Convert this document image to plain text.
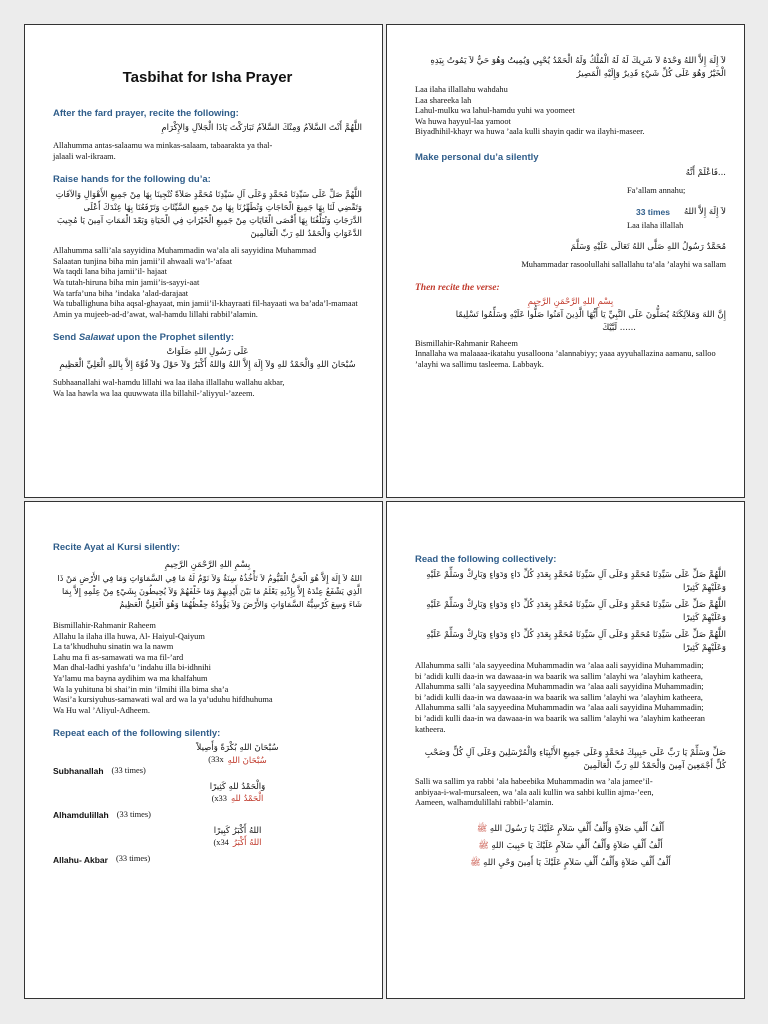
Tasbihat for Isha Prayer
After the fard prayer, recite the following:
اللَّهُمَّ أَنْتَ السَّلاَمُ وَمِنْكَ السَّلاَمُ تَبَارَكْتَ يَاذَا الْجَلاَلِ وَالإِكْرَامِ
Allahumma antas-salaamu wa minkas-salaam, tabaarakta ya thal-
jalaali wal-ikraam.
Raise hands for the following du’a:
اللَّهُمَّ صَلِّ عَلَى سَيِّدِنَا مُحَمَّدٍ وَعَلَى آلِ سَيِّدِنَا مُحَمَّدٍ صَلاَةً تُنْجِينَا بِهَا مِنْ جَمِيعِ الأَهْوَالِ وَالآفَاتِ وَتَقْضِي لَنَا بِهَا جَمِيعَ الْحَاجَاتِ وَتُطَهِّرُنَا بِهَا مِنْ جَمِيعِ السَّيِّئَاتِ وَتَرْفَعُنَا بِهَا عِنْدَكَ أَعْلَى الدَّرَجَاتِ وَتُبَلِّغُنَا بِهَا أَقْصَى الْغَايَاتِ مِنْ جَمِيعِ الْخَيْرَاتِ فِي الْحَيَاةِ وَبَعْدَ الْمَمَاتِ آمِينَ يَا مُجِيبَ الدَّعَوَاتِ وَالْحَمْدُ للهِ رَبِّ الْعَالَمِينَ
Allahumma salli’ala sayyidina Muhammadin wa’ala ali sayyidina Muhammad
Salaatan tunjina biha min jamii’il ahwaali wa’l-’afaat
Wa taqdi lana biha jamii’il- hajaat
Wa tutah-hiruna biha min jamii’is-sayyi-aat
Wa tarfa’una biha ’indaka ’alad-darajaat
Wa tuballighuna biha aqsal-ghayaat, min jamii’il-khayraati fil-hayaati wa ba’ada’l-mamaat
Amin ya mujeeb-ad-d’awat, wal-hamdu lillahi rabbil’alamin.
Send Salawat upon the Prophet silently:
عَلَى رَسُولِ اللهِ صَلَوَاتْ
سُبْحَانَ اللهِ وَالْحَمْدُ للهِ وَلاَ إِلَهَ إِلاَّ اللهُ وَاللهُ أَكْبَرُ وَلاَ حَوْلَ وَلاَ قُوَّةَ إِلاَّ بِاللهِ الْعَلِيِّ الْعَظِيمِ
Subhaanallahi wal-hamdu lillahi wa laa ilaha illallahu wallahu akbar,
Wa laa hawla wa laa quuwwata illa billahil-’aliyyul-’azeem.
لاَ إِلَهَ إِلاَّ اللهُ وَحْدَهُ لاَ شَرِيكَ لَهُ لَهُ الْمُلْكُ وَلَهُ الْحَمْدُ يُحْيِي وَيُمِيتُ وَهُوَ حَيٌّ لاَ يَمُوتُ بِيَدِهِ الْخَيْرُ وَهُوَ عَلَى كُلِّ شَيْءٍ قَدِيرٌ وَإِلَيْهِ الْمَصِيرُ
Laa ilaha illallahu wahdahu
Laa shareeka lah
Lahul-mulku wa lahul-hamdu yuhi wa yoomeet
Wa huwa hayyul-laa yamoot
Biyadhihil-khayr wa huwa ’aala kulli shayin qadir wa ilayhi-maseer.
Make personal du’a silently
...فَاعْلَمْ أَنَّهُ
Fa’allam annahu;
33 times لاَ إِلَهَ إِلاَّ اللهُ
Laa ilaha illallah
مُحَمَّدٌ رَسُولُ اللهِ صَلَّى اللهُ تَعَالَى عَلَيْهِ وَسَلَّمَ
Muhammadar rasoolullahi sallallahu ta’ala ’alayhi wa sallam
Then recite the verse:
بِسْمِ اللهِ الرَّحْمَنِ الرَّحِيمِ
إِنَّ اللهَ وَمَلاَئِكَتَهُ يُصَلُّونَ عَلَى النَّبِيِّ يَا أَيُّهَا الَّذِينَ آمَنُوا صَلُّوا عَلَيْهِ وَسَلِّمُوا تَسْلِيمًا
...... لَبَّيْكَ
Bismillahir-Rahmanir Raheem
Innallaha wa malaaaa-ikatahu yusalloona ’alannabiyy; yaaa ayyuhallazina aamanu, salloo ’alayhi wa sallimu tasleema. Labbayk.
Recite Ayat al Kursi silently:
بِسْمِ اللهِ الرَّحْمَنِ الرَّحِيمِ
اللهُ لاَ إِلَهَ إِلاَّ هُوَ الْحَيُّ الْقَيُّومُ لاَ تَأْخُذُهُ سِنَةٌ وَلاَ نَوْمٌ لَهُ مَا فِي السَّمَاوَاتِ وَمَا فِي الأَرْضِ مَنْ ذَا الَّذِي يَشْفَعُ عِنْدَهُ إِلاَّ بِإِذْنِهِ يَعْلَمُ مَا بَيْنَ أَيْدِيهِمْ وَمَا خَلْفَهُمْ وَلاَ يُحِيطُونَ بِشَيْءٍ مِنْ عِلْمِهِ إِلاَّ بِمَا شَاءَ وَسِعَ كُرْسِيُّهُ السَّمَاوَاتِ وَالأَرْضَ وَلاَ يَؤُودُهُ حِفْظُهُمَا وَهُوَ الْعَلِيُّ الْعَظِيمُ
Bismillahir-Rahmanir Raheem
Allahu la ilaha illa huwa, Al- Haiyul-Qaiyum
La ta’khudhuhu sinatin wa la nawm
Lahu ma fi as-samawati wa ma fil-’ard
Man dhal-ladhi yashfa’u ’indahu illa bi-idhnihi
Ya’lamu ma bayna aydihim wa ma khalfahum
Wa la yuhituna bi shai’in min ’ilmihi illa bima sha’a
Wasi’a kursiyuhus-samawati wal ard wa la ya’uduhu hifdhuhuma
Wa Hu wal ’Aliyul-Adheem.
Repeat each of the following silently:
سُبْحَانَ اللهِ بُكْرَةً وَأَصِيلاً
(33x سُبْحَانَ اللهِ
Subhanallah (33 times)
وَالْحَمْدُ للهِ كَثِيرًا
(x33 الْحَمْدُ للهِ
Alhamdulillah (33 times)
اللهُ أَكْبَرُ كَبِيرًا
(x34 اللهُ أَكْبَرُ
Allahu- Akbar (33 times)
Read the following collectively:
اللَّهُمَّ صَلِّ عَلَى سَيِّدِنَا مُحَمَّدٍ وَعَلَى آلِ سَيِّدِنَا مُحَمَّدٍ بِعَدَدِ كُلِّ دَاءٍ وَدَوَاءٍ وَبَارِكْ وَسَلِّمْ عَلَيْهِ وَعَلَيْهِمْ كَثِيرًا
اللَّهُمَّ صَلِّ عَلَى سَيِّدِنَا مُحَمَّدٍ وَعَلَى آلِ سَيِّدِنَا مُحَمَّدٍ بِعَدَدِ كُلِّ دَاءٍ وَدَوَاءٍ وَبَارِكْ وَسَلِّمْ عَلَيْهِ وَعَلَيْهِمْ كَثِيرًا
اللَّهُمَّ صَلِّ عَلَى سَيِّدِنَا مُحَمَّدٍ وَعَلَى آلِ سَيِّدِنَا مُحَمَّدٍ بِعَدَدِ كُلِّ دَاءٍ وَدَوَاءٍ وَبَارِكْ وَسَلِّمْ عَلَيْهِ وَعَلَيْهِمْ كَثِيرًا
Allahumma salli ’ala sayyeedina Muhammadin wa ’alaa aali sayyidina Muhammadin;
bi ’adidi kulli daa-in wa dawaaa-in wa baarik wa sallim ’alayhi wa ’alayhim katheera,
Allahumma salli ’ala sayyeedina Muhammadin wa ’alaa aali sayyidina Muhammadin;
bi ’adidi kulli daa-in wa dawaaa-in wa baarik wa sallim ’alayhi wa ’alayhim katheera,
Allahumma salli ’ala sayyeedina Muhammadin wa ’alaa aali sayyidina Muhammadin;
bi ’adidi kulli daa-in wa dawaaa-in wa baarik wa sallim ’alayhi wa ’alayhim katheeran katheera.
صَلِّ وَسَلِّمْ يَا رَبِّ عَلَى حَبِيبِكَ مُحَمَّدٍ وَعَلَى جَمِيعِ الأَنْبِيَاءِ وَالْمُرْسَلِينَ وَعَلَى آلِ كُلٍّ وَصَحْبِ كُلٍّ أَجْمَعِينَ آمِينَ وَالْحَمْدُ للهِ رَبِّ الْعَالَمِينَ
Salli wa sallim ya rabbi ’ala habeebika Muhammadin wa ’ala jamee’il-
anbiyaa-i-wal-mursaleen, wa ’ala aali kullin wa sahbi kullin ajma-’een,
Aameen, walhamdulillahi rabbil-’alamin.
أَلْفُ أَلْفِ صَلاَةٍ وَأَلْفُ أَلْفِ سَلاَمٍ عَلَيْكَ يَا رَسُولَ اللهِ ﷺ
أَلْفُ أَلْفِ صَلاَةٍ وَأَلْفُ أَلْفِ سَلاَمٍ عَلَيْكَ يَا حَبِيبَ اللهِ ﷺ
أَلْفُ أَلْفِ صَلاَةٍ وَأَلْفُ أَلْفِ سَلاَمٍ عَلَيْكَ يَا أَمِينَ وَحْيِ اللهِ ﷺ
